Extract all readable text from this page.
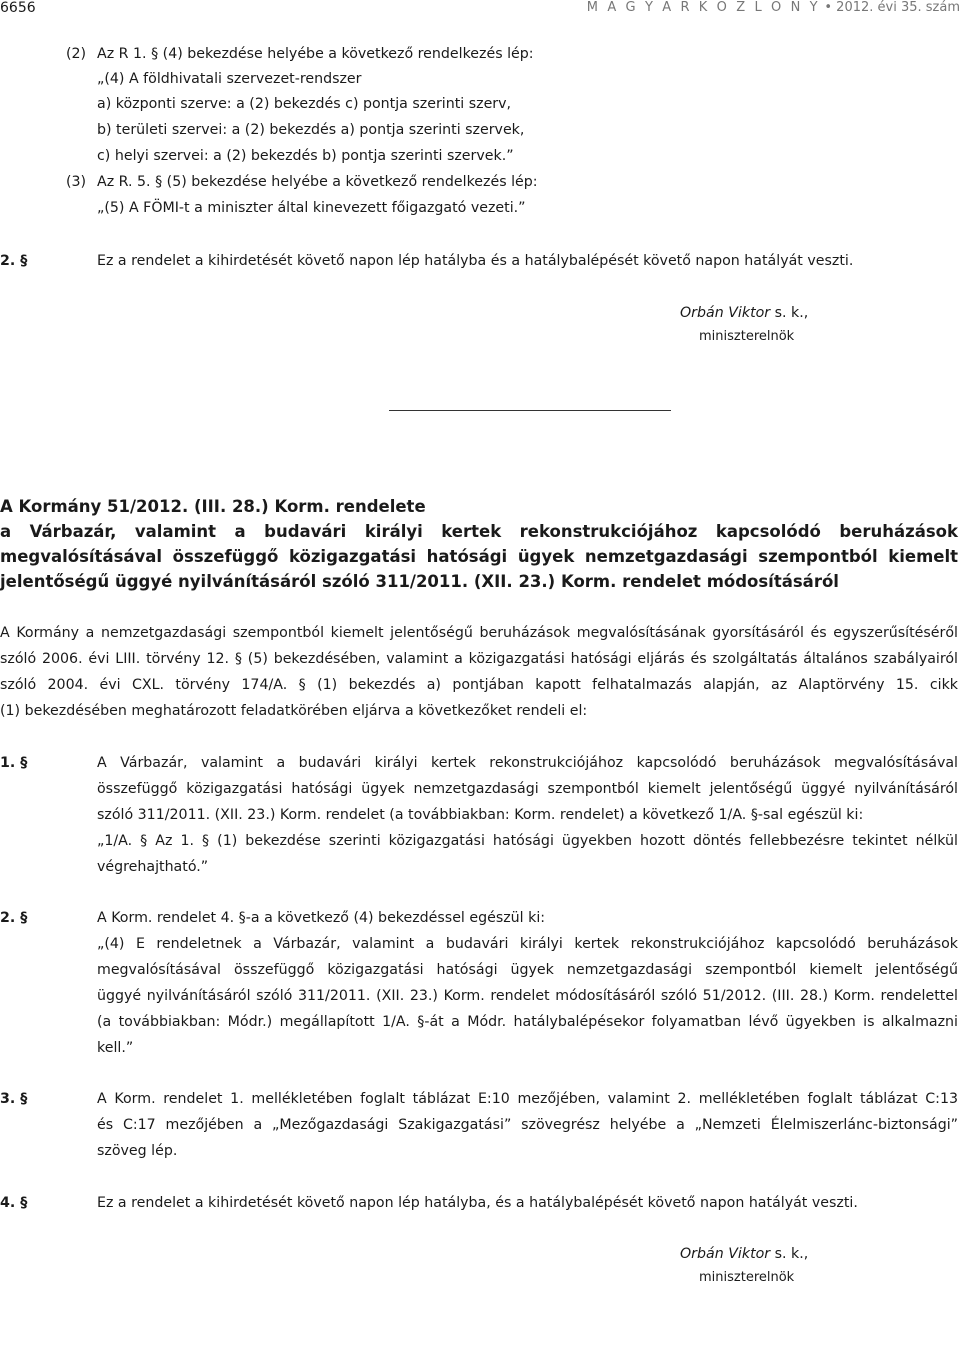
6656	M A G Y A R K Ö Z L Ö N Y • 2012. évi 35. szám
(2) Az R 1. § (4) bekezdése helyébe a következő rendelkezés lép:
„(4) A földhivatali szervezet-rendszer
a) központi szerve: a (2) bekezdés c) pontja szerinti szerv,
b) területi szervei: a (2) bekezdés a) pontja szerinti szervek,
c) helyi szervei: a (2) bekezdés b) pontja szerinti szervek.”
(3) Az R. 5. § (5) bekezdése helyébe a következő rendelkezés lép:
„(5) A FÖMI-t a miniszter által kinevezett főigazgató vezeti.”
2. §	Ez a rendelet a kihirdetését követő napon lép hatályba és a hatálybalépését követő napon hatályát veszti.
Orbán Viktor s. k.,
miniszterelnök
A Kormány 51/2012. (III. 28.) Korm. rendelete
a Várbazár, valamint a budavári királyi kertek rekonstrukciójához kapcsolódó beruházások
megvalósításával összefüggő közigazgatási hatósági ügyek nemzetgazdasági szempontból kiemelt
jelentőségű üggyé nyilvánításáról szóló 311/2011. (XII. 23.) Korm. rendelet módosításáról
A Kormány a nemzetgazdasági szempontból kiemelt jelentőségű beruházások megvalósításának gyorsításáról és egyszerűsítéséről
szóló 2006. évi LIII. törvény 12. § (5) bekezdésében, valamint a közigazgatási hatósági eljárás és szolgáltatás általános szabályairól
szóló 2004. évi CXL. törvény 174/A. § (1) bekezdés a) pontjában kapott felhatalmazás alapján, az Alaptörvény 15. cikk
(1) bekezdésében meghatározott feladatkörében eljárva a következőket rendeli el:
1. §	A Várbazár, valamint a budavári királyi kertek rekonstrukciójához kapcsolódó beruházások megvalósításával
összefüggő közigazgatási hatósági ügyek nemzetgazdasági szempontból kiemelt jelentőségű üggyé nyilvánításáról
szóló 311/2011. (XII. 23.) Korm. rendelet (a továbbiakban: Korm. rendelet) a következő 1/A. §-sal egészül ki:
„1/A. § Az 1. § (1) bekezdése szerinti közigazgatási hatósági ügyekben hozott döntés fellebbezésre tekintet nélkül
végrehajtható.”
2. §	A Korm. rendelet 4. §-a a következő (4) bekezdéssel egészül ki:
„(4) E rendeletnek a Várbazár, valamint a budavári királyi kertek rekonstrukciójához kapcsolódó beruházások
megvalósításával összefüggő közigazgatási hatósági ügyek nemzetgazdasági szempontból kiemelt jelentőségű
üggyé nyilvánításáról szóló 311/2011. (XII. 23.) Korm. rendelet módosításáról szóló 51/2012. (III. 28.) Korm. rendelettel
(a továbbiakban: Módr.) megállapított 1/A. §-át a Módr. hatálybalépésekor folyamatban lévő ügyekben is alkalmazni
kell.”
3. §	A Korm. rendelet 1. mellékletében foglalt táblázat E:10 mezőjében, valamint 2. mellékletében foglalt táblázat C:13
és C:17 mezőjében a „Mezőgazdasági Szakigazgatási” szövegrész helyébe a „Nemzeti Élelmiszerlánc-biztonsági”
szöveg lép.
4. §	Ez a rendelet a kihirdetését követő napon lép hatályba, és a hatálybalépését követő napon hatályát veszti.
Orbán Viktor s. k.,
miniszterelnök
